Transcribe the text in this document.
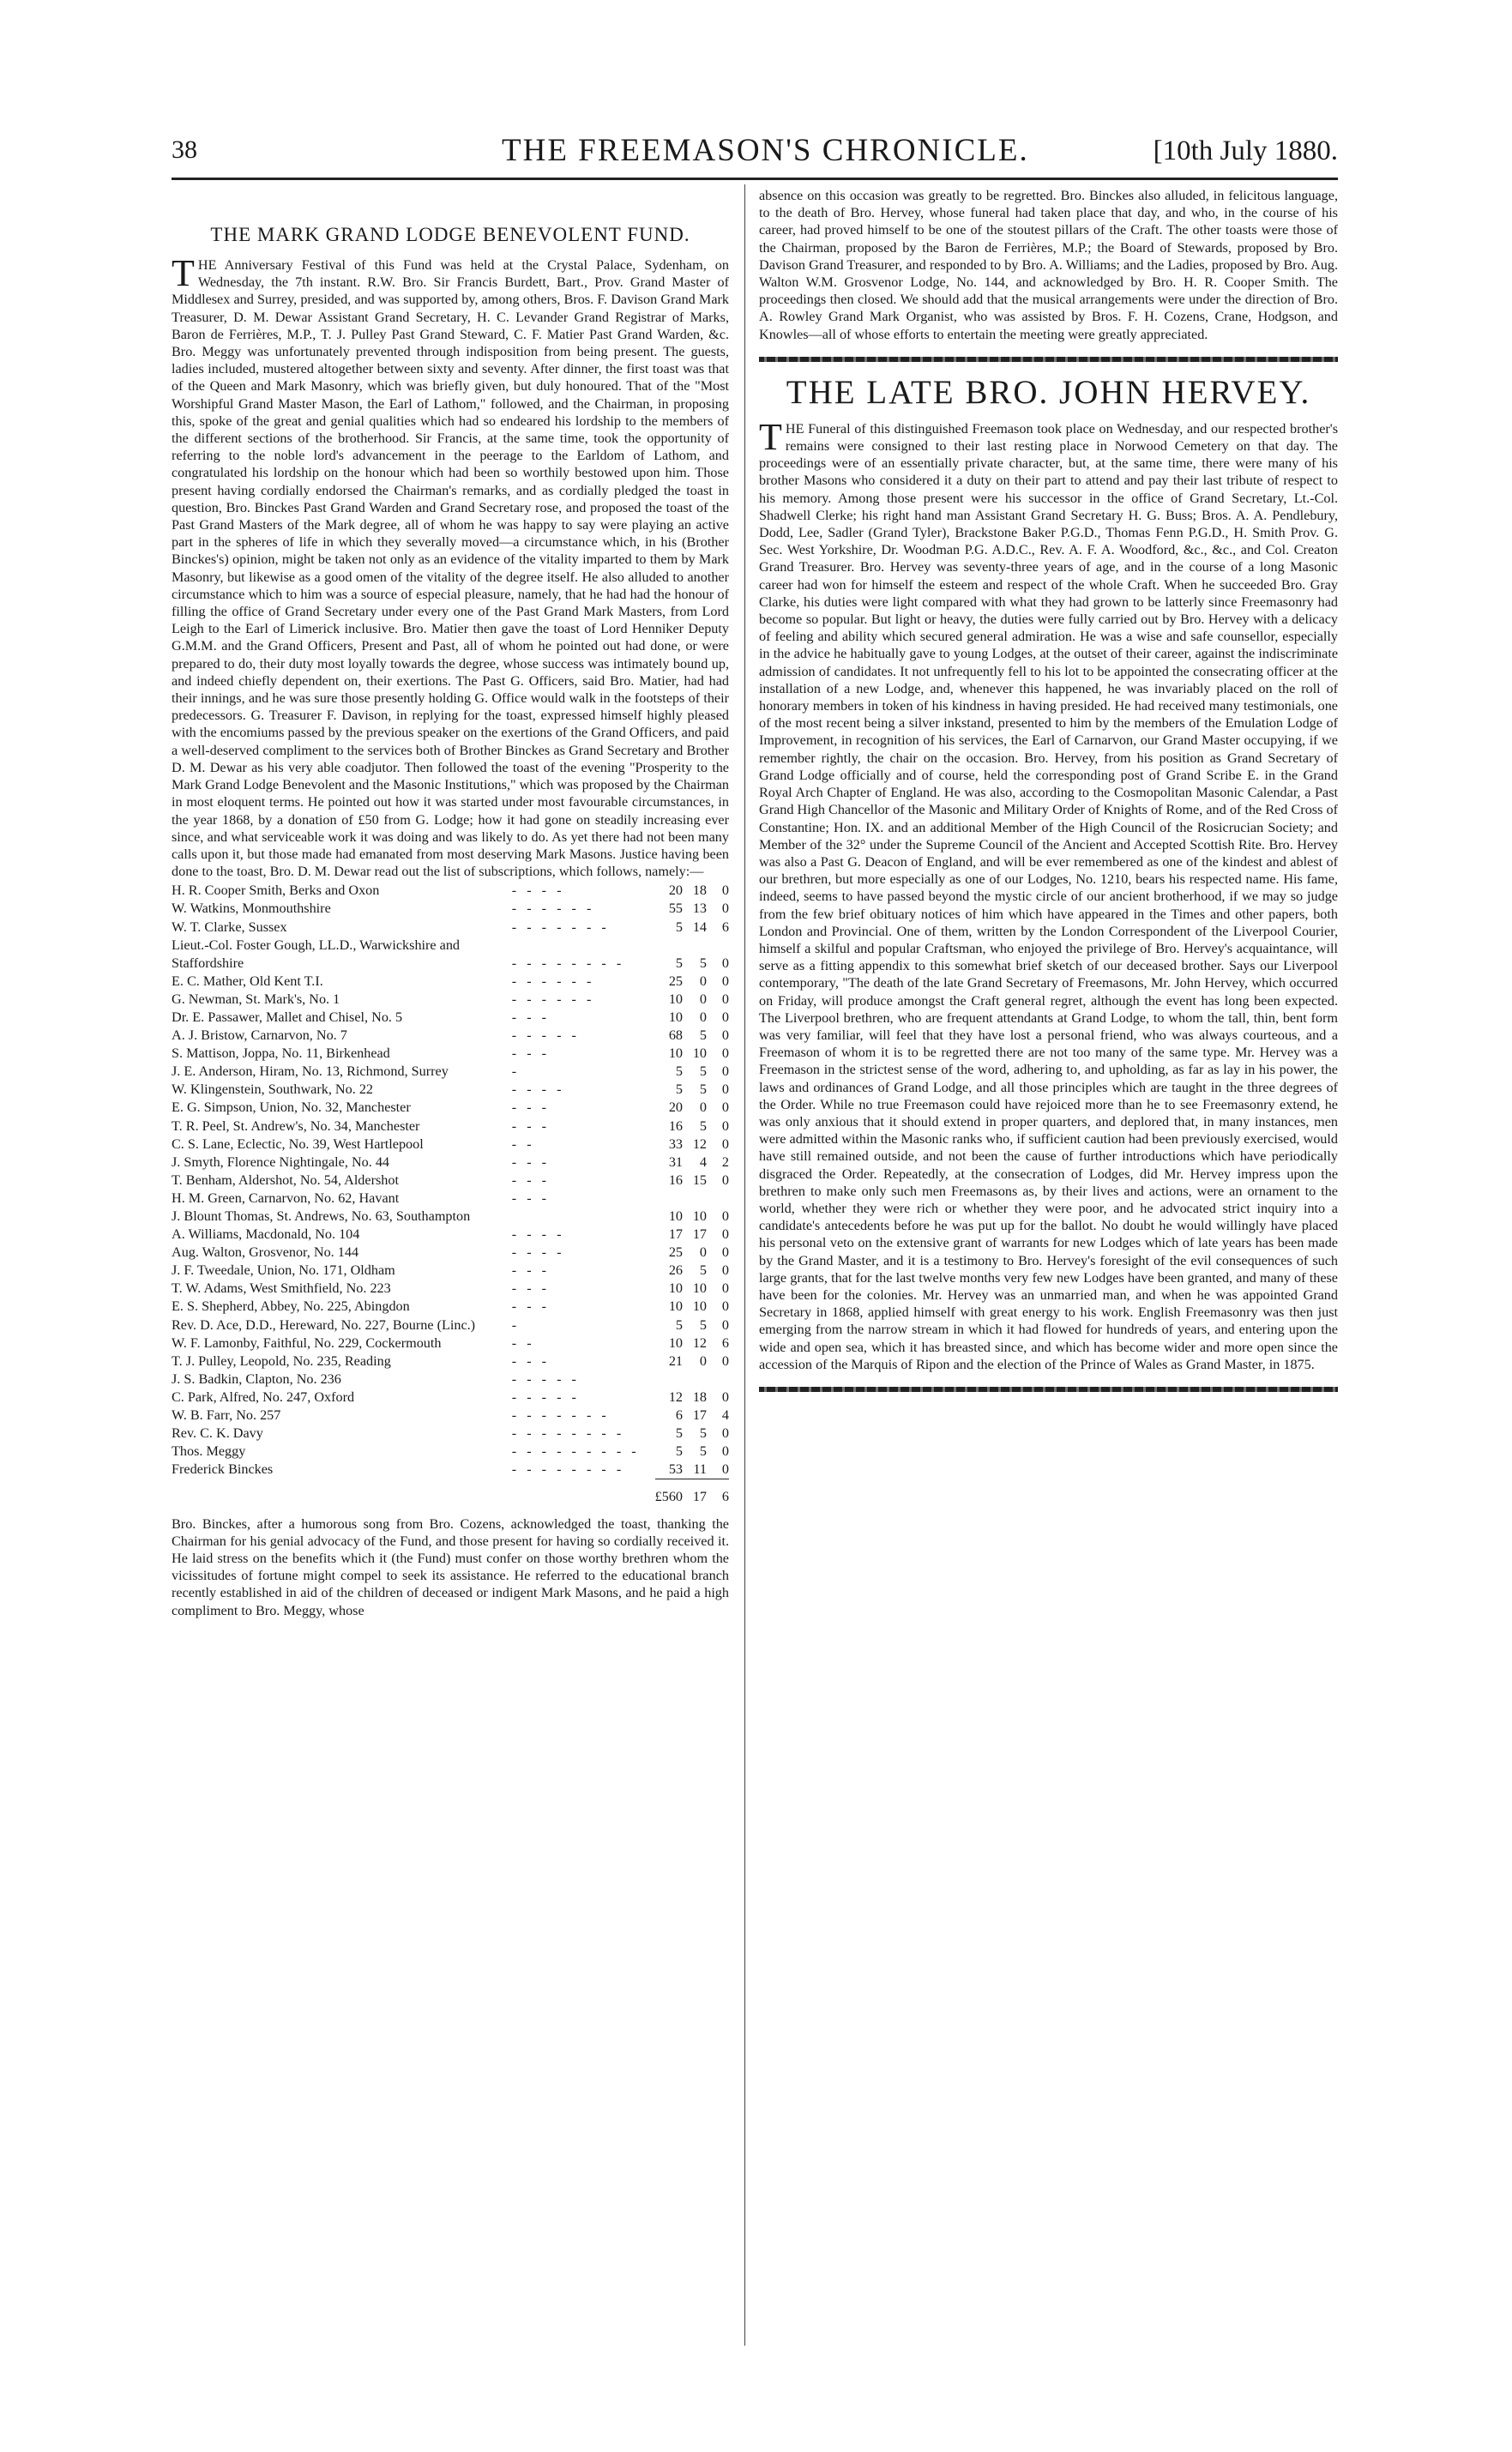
38	THE FREEMASON'S CHRONICLE.	[10th July 1880.
THE MARK GRAND LODGE BENEVOLENT FUND.

THE Anniversary Festival of this Fund was held at the Crystal Palace, Sydenham, on Wednesday, the 7th instant. R.W. Bro. Sir Francis Burdett, Bart., Prov. Grand Master of Middlesex and Surrey, presided, and was supported by, among others, Bros. F. Davison Grand Mark Treasurer, D. M. Dewar Assistant Grand Secretary, H. C. Levander Grand Registrar of Marks, Baron de Ferrières, M.P., T. J. Pulley Past Grand Steward, C. F. Matier Past Grand Warden, &c. Bro. Meggy was unfortunately prevented through indisposition from being present. The guests, ladies included, mustered altogether between sixty and seventy. After dinner, the first toast was that of the Queen and Mark Masonry, which was briefly given, but duly honoured. That of the "Most Worshipful Grand Master Mason, the Earl of Lathom," followed, and the Chairman, in proposing this, spoke of the great and genial qualities which had so endeared his lordship to the members of the different sections of the brotherhood. Sir Francis, at the same time, took the opportunity of referring to the noble lord's advancement in the peerage to the Earldom of Lathom, and congratulated his lordship on the honour which had been so worthily bestowed upon him. Those present having cordially endorsed the Chairman's remarks, and as cordially pledged the toast in question, Bro. Binckes Past Grand Warden and Grand Secretary rose, and proposed the toast of the Past Grand Masters of the Mark degree, all of whom he was happy to say were playing an active part in the spheres of life in which they severally moved—a circumstance which, in his (Brother Binckes's) opinion, might be taken not only as an evidence of the vitality imparted to them by Mark Masonry, but likewise as a good omen of the vitality of the degree itself. He also alluded to another circumstance which to him was a source of especial pleasure, namely, that he had had the honour of filling the office of Grand Secretary under every one of the Past Grand Mark Masters, from Lord Leigh to the Earl of Limerick inclusive. Bro. Matier then gave the toast of Lord Henniker Deputy G.M.M. and the Grand Officers, Present and Past, all of whom he pointed out had done, or were prepared to do, their duty most loyally towards the degree, whose success was intimately bound up, and indeed chiefly dependent on, their exertions. The Past G. Officers, said Bro. Matier, had had their innings, and he was sure those presently holding G. Office would walk in the footsteps of their predecessors. G. Treasurer F. Davison, in replying for the toast, expressed himself highly pleased with the encomiums passed by the previous speaker on the exertions of the Grand Officers, and paid a well-deserved compliment to the services both of Brother Binckes as Grand Secretary and Brother D. M. Dewar as his very able coadjutor. Then followed the toast of the evening "Prosperity to the Mark Grand Lodge Benevolent and the Masonic Institutions," which was proposed by the Chairman in most eloquent terms. He pointed out how it was started under most favourable circumstances, in the year 1868, by a donation of £50 from G. Lodge; how it had gone on steadily increasing ever since, and what serviceable work it was doing and was likely to do. As yet there had not been many calls upon it, but those made had emanated from most deserving Mark Masons. Justice having been done to the toast, Bro. D. M. Dewar read out the list of subscriptions, which follows, namely:—

H. R. Cooper Smith, Berks and Oxon	- - - -	20	18	0
W. Watkins, Monmouthshire	- - - - - -	55	13	0
W. T. Clarke, Sussex	- - - - - - -	5	14	6
Lieut.-Col. Foster Gough, LL.D., Warwickshire and				
Staffordshire	- - - - - - - -	5	5	0
E. C. Mather, Old Kent T.I.	- - - - - -	25	0	0
G. Newman, St. Mark's, No. 1	- - - - - -	10	0	0
Dr. E. Passawer, Mallet and Chisel, No. 5	- - -	10	0	0
A. J. Bristow, Carnarvon, No. 7	- - - - -	68	5	0
S. Mattison, Joppa, No. 11, Birkenhead	- - -	10	10	0
J. E. Anderson, Hiram, No. 13, Richmond, Surrey	-	5	5	0
W. Klingenstein, Southwark, No. 22	- - - -	5	5	0
E. G. Simpson, Union, No. 32, Manchester	- - -	20	0	0
T. R. Peel, St. Andrew's, No. 34, Manchester	- - -	16	5	0
C. S. Lane, Eclectic, No. 39, West Hartlepool	- -	33	12	0
J. Smyth, Florence Nightingale, No. 44	- - -	31	4	2
T. Benham, Aldershot, No. 54, Aldershot	- - -	16	15	0
H. M. Green, Carnarvon, No. 62, Havant	- - -			
J. Blount Thomas, St. Andrews, No. 63, Southampton		10	10	0
A. Williams, Macdonald, No. 104	- - - -	17	17	0
Aug. Walton, Grosvenor, No. 144	- - - -	25	0	0
J. F. Tweedale, Union, No. 171, Oldham	- - -	26	5	0
T. W. Adams, West Smithfield, No. 223	- - -	10	10	0
E. S. Shepherd, Abbey, No. 225, Abingdon	- - -	10	10	0
Rev. D. Ace, D.D., Hereward, No. 227, Bourne (Linc.)	-	5	5	0
W. F. Lamonby, Faithful, No. 229, Cockermouth	- -	10	12	6
T. J. Pulley, Leopold, No. 235, Reading	- - -	21	0	0
J. S. Badkin, Clapton, No. 236	- - - - -			
C. Park, Alfred, No. 247, Oxford	- - - - -	12	18	0
W. B. Farr, No. 257	- - - - - - -	6	17	4
Rev. C. K. Davy	- - - - - - - -	5	5	0
Thos. Meggy	- - - - - - - - -	5	5	0
Frederick Binckes	- - - - - - - -	53	11	0
		£560	17	6

Bro. Binckes, after a humorous song from Bro. Cozens, acknowledged the toast, thanking the Chairman for his genial advocacy of the Fund, and those present for having so cordially received it. He laid stress on the benefits which it (the Fund) must confer on those worthy brethren whom the vicissitudes of fortune might compel to seek its assistance. He referred to the educational branch recently established in aid of the children of deceased or indigent Mark Masons, and he paid a high compliment to Bro. Meggy, whose

absence on this occasion was greatly to be regretted. Bro. Binckes also alluded, in felicitous language, to the death of Bro. Hervey, whose funeral had taken place that day, and who, in the course of his career, had proved himself to be one of the stoutest pillars of the Craft. The other toasts were those of the Chairman, proposed by the Baron de Ferrières, M.P.; the Board of Stewards, proposed by Bro. Davison Grand Treasurer, and responded to by Bro. A. Williams; and the Ladies, proposed by Bro. Aug. Walton W.M. Grosvenor Lodge, No. 144, and acknowledged by Bro. H. R. Cooper Smith. The proceedings then closed. We should add that the musical arrangements were under the direction of Bro. A. Rowley Grand Mark Organist, who was assisted by Bros. F. H. Cozens, Crane, Hodgson, and Knowles—all of whose efforts to entertain the meeting were greatly appreciated.

THE LATE BRO. JOHN HERVEY.

THE Funeral of this distinguished Freemason took place on Wednesday, and our respected brother's remains were consigned to their last resting place in Norwood Cemetery on that day. The proceedings were of an essentially private character, but, at the same time, there were many of his brother Masons who considered it a duty on their part to attend and pay their last tribute of respect to his memory. Among those present were his successor in the office of Grand Secretary, Lt.-Col. Shadwell Clerke; his right hand man Assistant Grand Secretary H. G. Buss; Bros. A. A. Pendlebury, Dodd, Lee, Sadler (Grand Tyler), Brackstone Baker P.G.D., Thomas Fenn P.G.D., H. Smith Prov. G. Sec. West Yorkshire, Dr. Woodman P.G. A.D.C., Rev. A. F. A. Woodford, &c., &c., and Col. Creaton Grand Treasurer. Bro. Hervey was seventy-three years of age, and in the course of a long Masonic career had won for himself the esteem and respect of the whole Craft. When he succeeded Bro. Gray Clarke, his duties were light compared with what they had grown to be latterly since Freemasonry had become so popular. But light or heavy, the duties were fully carried out by Bro. Hervey with a delicacy of feeling and ability which secured general admiration. He was a wise and safe counsellor, especially in the advice he habitually gave to young Lodges, at the outset of their career, against the indiscriminate admission of candidates. It not unfrequently fell to his lot to be appointed the consecrating officer at the installation of a new Lodge, and, whenever this happened, he was invariably placed on the roll of honorary members in token of his kindness in having presided. He had received many testimonials, one of the most recent being a silver inkstand, presented to him by the members of the Emulation Lodge of Improvement, in recognition of his services, the Earl of Carnarvon, our Grand Master occupying, if we remember rightly, the chair on the occasion. Bro. Hervey, from his position as Grand Secretary of Grand Lodge officially and of course, held the corresponding post of Grand Scribe E. in the Grand Royal Arch Chapter of England. He was also, according to the Cosmopolitan Masonic Calendar, a Past Grand High Chancellor of the Masonic and Military Order of Knights of Rome, and of the Red Cross of Constantine; Hon. IX. and an additional Member of the High Council of the Rosicrucian Society; and Member of the 32° under the Supreme Council of the Ancient and Accepted Scottish Rite. Bro. Hervey was also a Past G. Deacon of England, and will be ever remembered as one of the kindest and ablest of our brethren, but more especially as one of our Lodges, No. 1210, bears his respected name. His fame, indeed, seems to have passed beyond the mystic circle of our ancient brotherhood, if we may so judge from the few brief obituary notices of him which have appeared in the Times and other papers, both London and Provincial. One of them, written by the London Correspondent of the Liverpool Courier, himself a skilful and popular Craftsman, who enjoyed the privilege of Bro. Hervey's acquaintance, will serve as a fitting appendix to this somewhat brief sketch of our deceased brother. Says our Liverpool contemporary, "The death of the late Grand Secretary of Freemasons, Mr. John Hervey, which occurred on Friday, will produce amongst the Craft general regret, although the event has long been expected. The Liverpool brethren, who are frequent attendants at Grand Lodge, to whom the tall, thin, bent form was very familiar, will feel that they have lost a personal friend, who was always courteous, and a Freemason of whom it is to be regretted there are not too many of the same type. Mr. Hervey was a Freemason in the strictest sense of the word, adhering to, and upholding, as far as lay in his power, the laws and ordinances of Grand Lodge, and all those principles which are taught in the three degrees of the Order. While no true Freemason could have rejoiced more than he to see Freemasonry extend, he was only anxious that it should extend in proper quarters, and deplored that, in many instances, men were admitted within the Masonic ranks who, if sufficient caution had been previously exercised, would have still remained outside, and not been the cause of further introductions which have periodically disgraced the Order. Repeatedly, at the consecration of Lodges, did Mr. Hervey impress upon the brethren to make only such men Freemasons as, by their lives and actions, were an ornament to the world, whether they were rich or whether they were poor, and he advocated strict inquiry into a candidate's antecedents before he was put up for the ballot. No doubt he would willingly have placed his personal veto on the extensive grant of warrants for new Lodges which of late years has been made by the Grand Master, and it is a testimony to Bro. Hervey's foresight of the evil consequences of such large grants, that for the last twelve months very few new Lodges have been granted, and many of these have been for the colonies. Mr. Hervey was an unmarried man, and when he was appointed Grand Secretary in 1868, applied himself with great energy to his work. English Freemasonry was then just emerging from the narrow stream in which it had flowed for hundreds of years, and entering upon the wide and open sea, which it has breasted since, and which has become wider and more open since the accession of the Marquis of Ripon and the election of the Prince of Wales as Grand Master, in 1875.
